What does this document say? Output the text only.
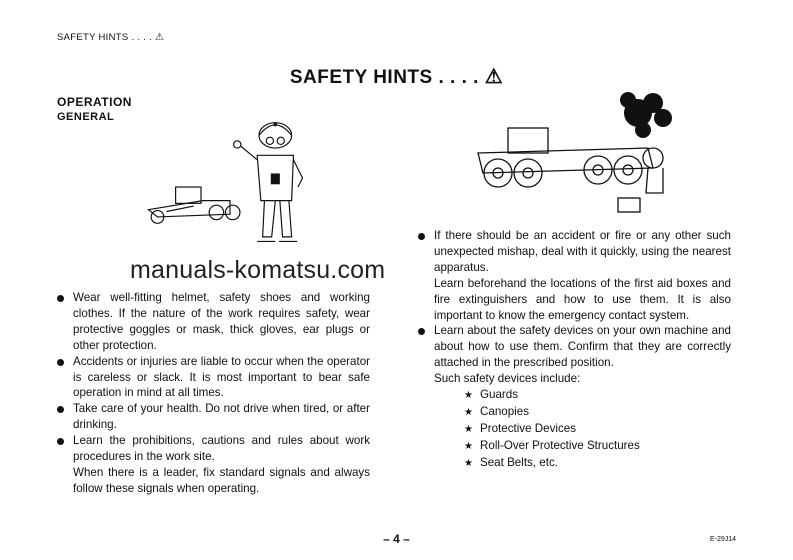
SAFETY HINTS . . . . ⚠
SAFETY HINTS . . . . ⚠
OPERATION
GENERAL
Wear well-fitting helmet, safety shoes and working clothes. If the nature of the work requires safety, wear protective goggles or mask, thick gloves, ear plugs or other protection.
Accidents or injuries are liable to occur when the operator is careless or slack. It is most important to bear safe operation in mind at all times.
Take care of your health. Do not drive when tired, or after drinking.
Learn the prohibitions, cautions and rules about work procedures in the work site.
When there is a leader, fix standard signals and always follow these signals when operating.
If there should be an accident or fire or any other such unexpected mishap, deal with it quickly, using the nearest apparatus.
Learn beforehand the locations of the first aid boxes and fire extinguishers and how to use them. It is also important to know the emergency contact system.
Learn about the safety devices on your own machine and about how to use them. Confirm that they are correctly attached in the prescribed position.
Such safety devices include:
★ Guards
★ Canopies
★ Protective Devices
★ Roll-Over Protective Structures
★ Seat Belts, etc.
manuals-komatsu.com
– 4 –	E-29J14
